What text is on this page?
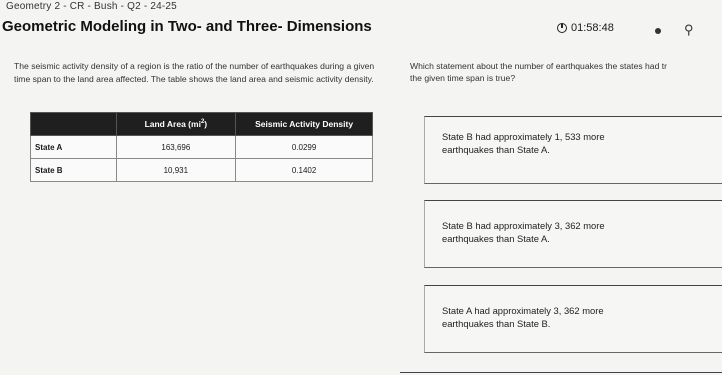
Geometry 2 - CR - Bush - Q2 - 24-25
Geometric Modeling in Two- and Three- Dimensions	01:58:48	⚲
The seismic activity density of a region is the ratio of the number of earthquakes during a given time span to the land area affected. The table shows the land area and seismic activity density.
Which statement about the number of earthquakes the states had tr
the given time span is true?
	Land Area $(mi^2)$	Seismic Activity Density
State A	163,696	0.0299
State B	10,931	0.1402
State B had approximately 1, 533 more
earthquakes than State A.
State B had approximately 3, 362 more
earthquakes than State A.
State A had approximately 3, 362 more
earthquakes than State B.
